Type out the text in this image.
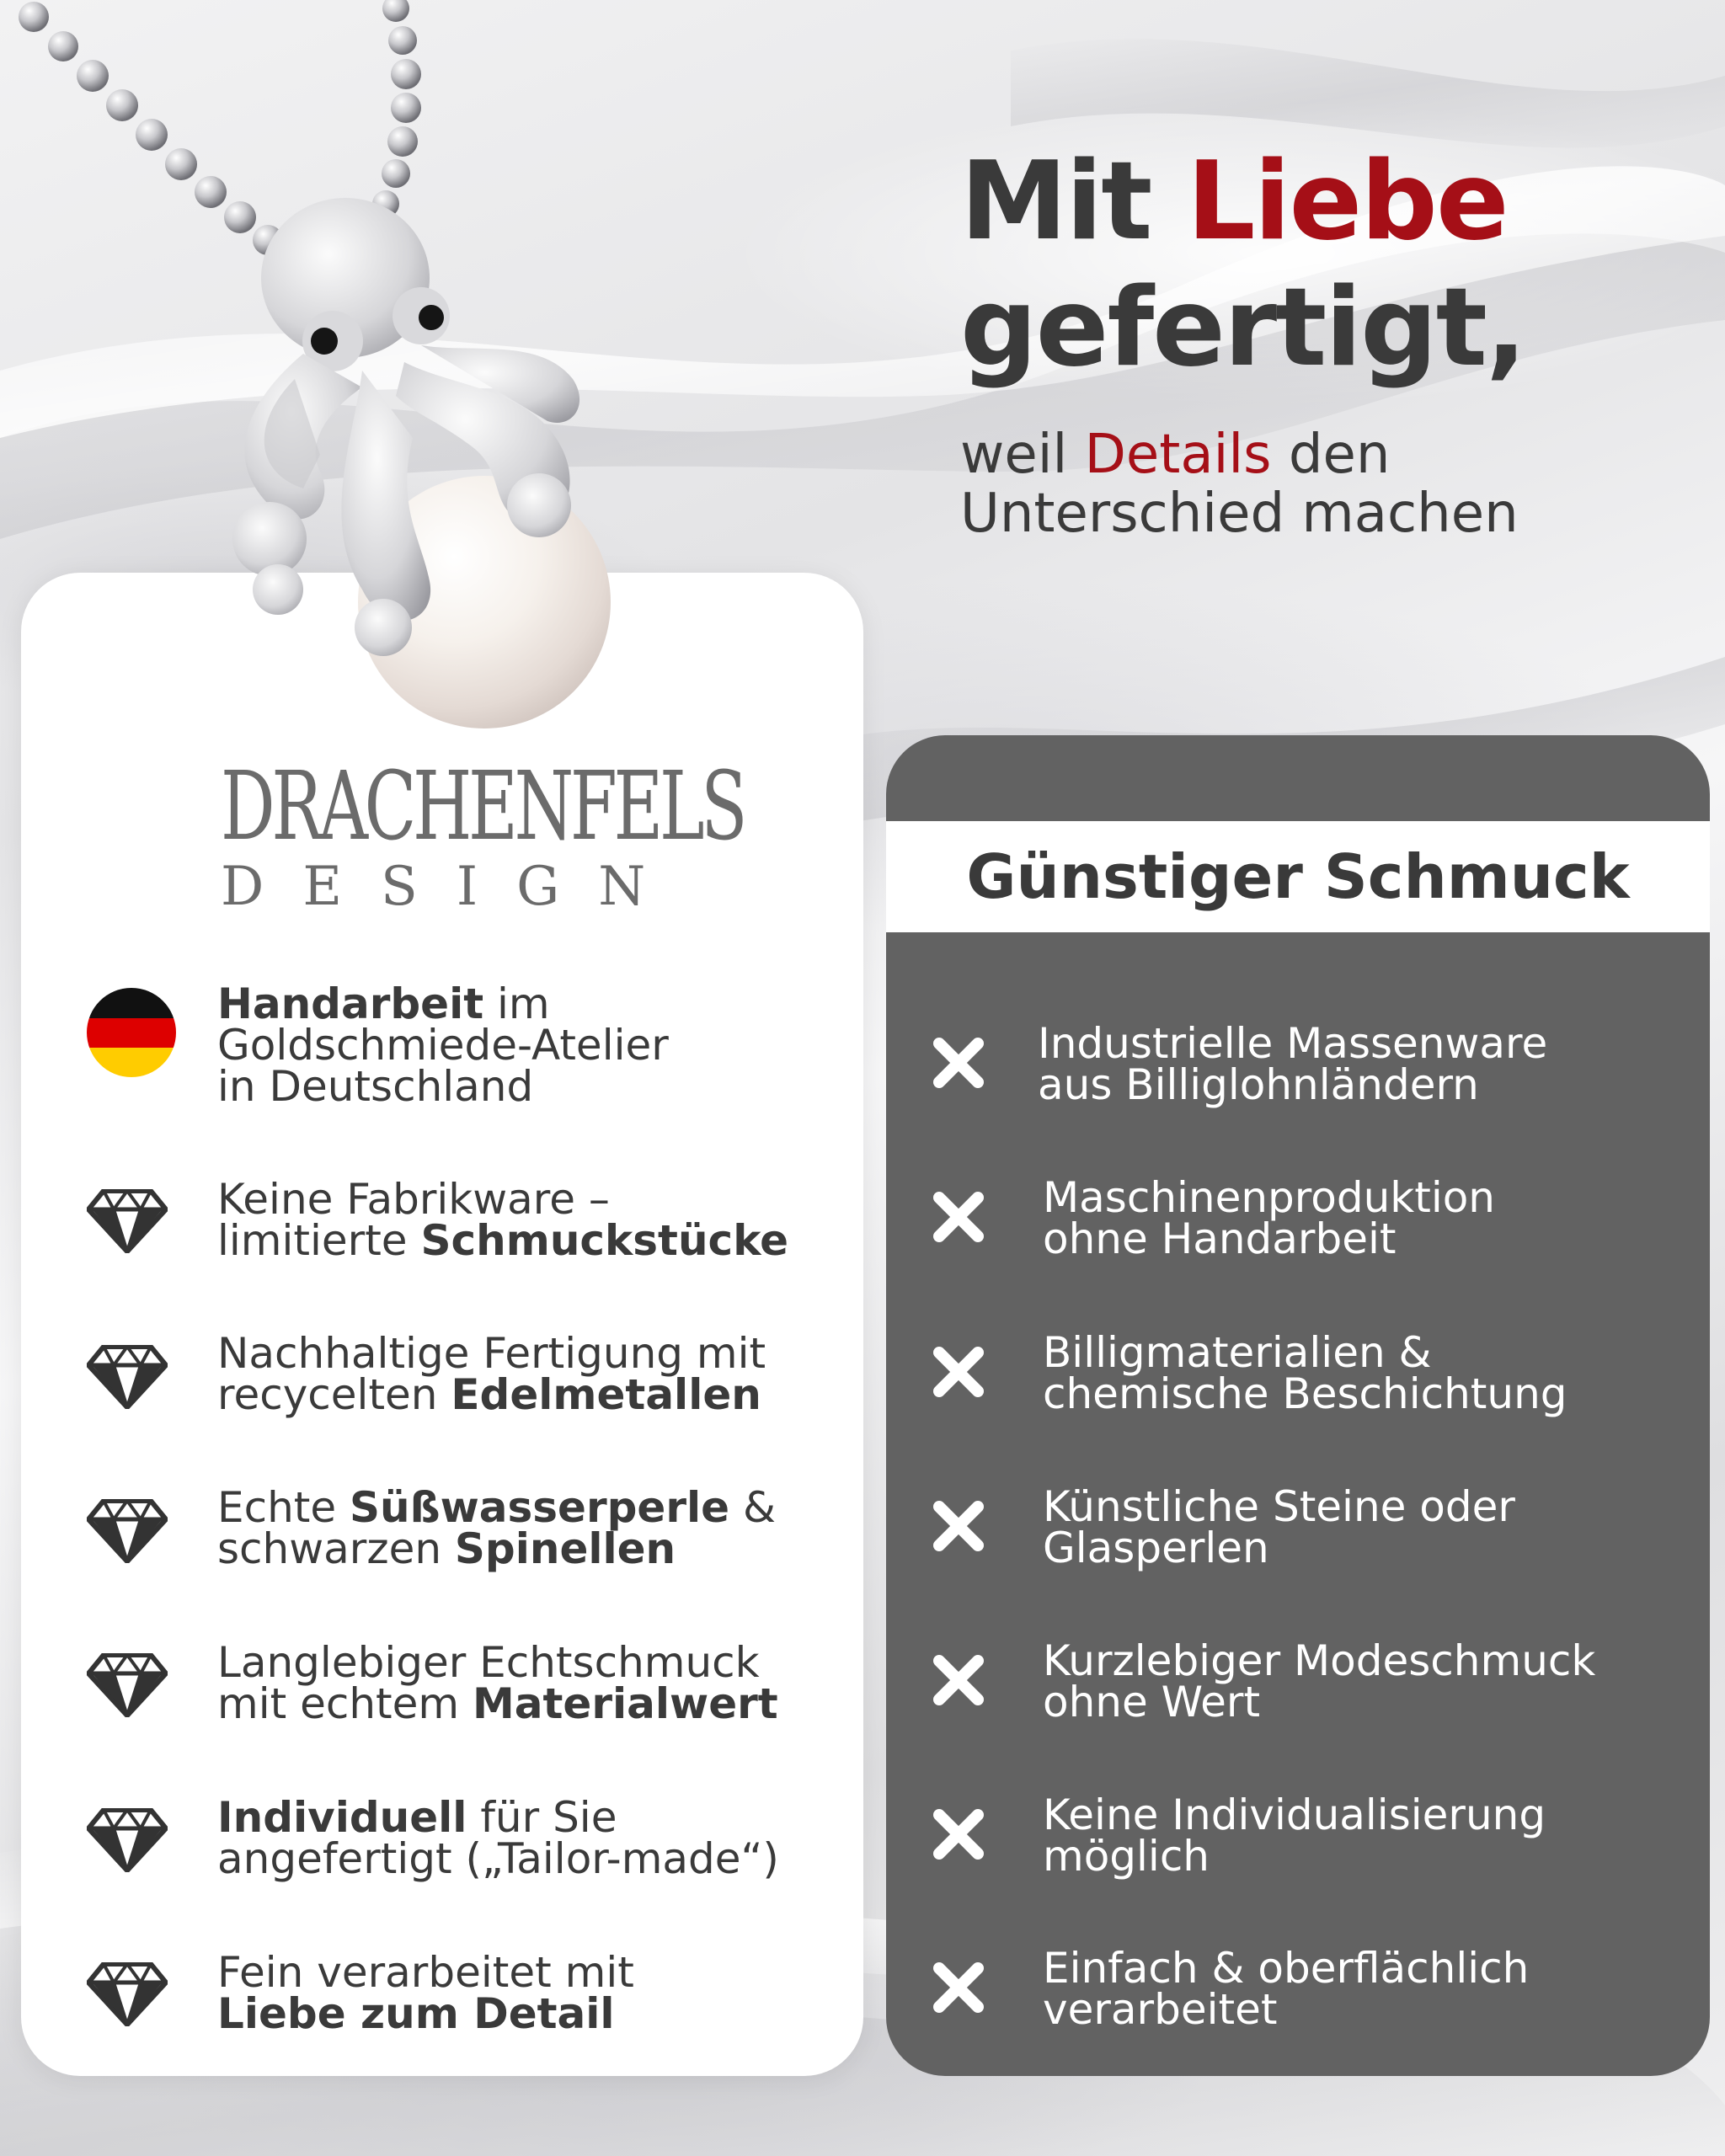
Mit Liebe
gefertigt,
weil Details den
Unterschied machen
DRACHENFELS
DESIGN
Handarbeit im
Goldschmiede-Atelier
in Deutschland
Keine Fabrikware –
limitierte Schmuckstücke
Nachhaltige Fertigung mit
recycelten Edelmetallen
Echte Süßwasserperle &
schwarzen Spinellen
Langlebiger Echtschmuck
mit echtem Materialwert
Individuell für Sie
angefertigt („Tailor-made“)
Fein verarbeitet mit
Liebe zum Detail
Günstiger Schmuck
Industrielle Massenware
aus Billiglohnländern
Maschinenproduktion
ohne Handarbeit
Billigmaterialien &
chemische Beschichtung
Künstliche Steine oder
Glasperlen
Kurzlebiger Modeschmuck
ohne Wert
Keine Individualisierung
möglich
Einfach & oberflächlich
verarbeitet
